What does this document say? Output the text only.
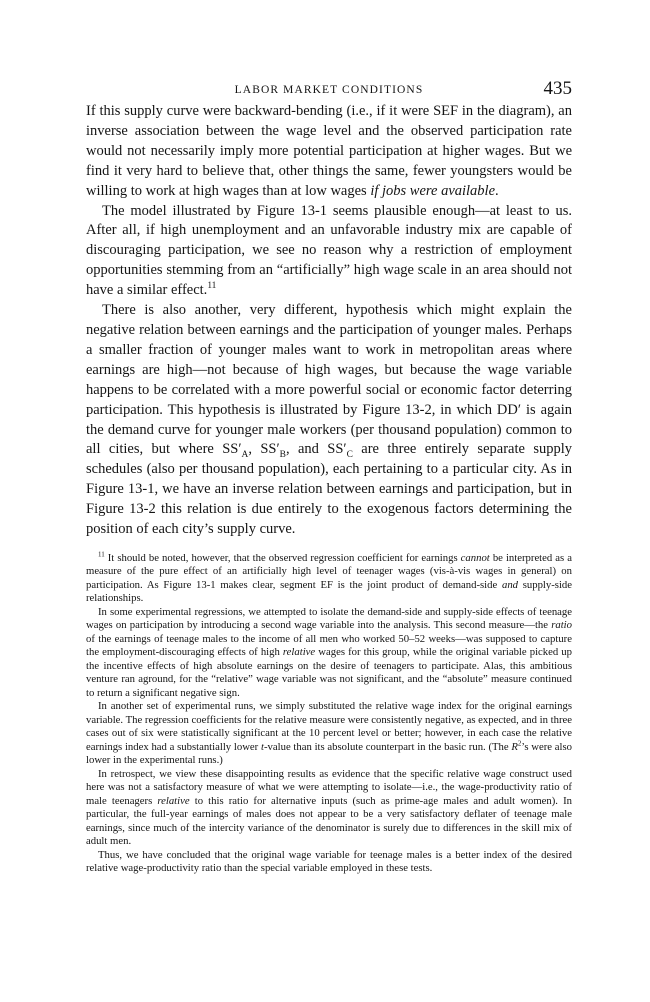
LABOR MARKET CONDITIONS	435

If this supply curve were backward-bending (i.e., if it were SEF in the diagram), an inverse association between the wage level and the observed participation rate would not necessarily imply more potential participation at higher wages. But we find it very hard to believe that, other things the same, fewer youngsters would be willing to work at high wages than at low wages if jobs were available.

The model illustrated by Figure 13-1 seems plausible enough—at least to us. After all, if high unemployment and an unfavorable industry mix are capable of discouraging participation, we see no reason why a restriction of employment opportunities stemming from an “artificially” high wage scale in an area should not have a similar effect.$^{11}$

There is also another, very different, hypothesis which might explain the negative relation between earnings and the participation of younger males. Perhaps a smaller fraction of younger males want to work in metropolitan areas where earnings are high—not because of high wages, but because the wage variable happens to be correlated with a more powerful social or economic factor deterring participation. This hypothesis is illustrated by Figure 13-2, in which DD′ is again the demand curve for younger male workers (per thousand population) common to all cities, but where $SS'_A$, $SS'_B$, and $SS'_C$ are three entirely separate supply schedules (also per thousand population), each pertaining to a particular city. As in Figure 13-1, we have an inverse relation between earnings and participation, but in Figure 13-2 this relation is due entirely to the exogenous factors determining the position of each city’s supply curve.

$^{11}$ It should be noted, however, that the observed regression coefficient for earnings cannot be interpreted as a measure of the pure effect of an artificially high level of teenager wages (vis-à-vis wages in general) on participation. As Figure 13-1 makes clear, segment EF is the joint product of demand-side and supply-side relationships.

In some experimental regressions, we attempted to isolate the demand-side and supply-side effects of teenage wages on participation by introducing a second wage variable into the analysis. This second measure—the ratio of the earnings of teenage males to the income of all men who worked 50–52 weeks—was supposed to capture the employment-discouraging effects of high relative wages for this group, while the original variable picked up the incentive effects of high absolute earnings on the desire of teenagers to participate. Alas, this ambitious venture ran aground, for the “relative” wage variable was not significant, and the “absolute” measure continued to return a significant negative sign.

In another set of experimental runs, we simply substituted the relative wage index for the original earnings variable. The regression coefficients for the relative measure were consistently negative, as expected, and in three cases out of six were statistically significant at the 10 percent level or better; however, in each case the relative earnings index had a substantially lower t-value than its absolute counterpart in the basic run. (The $R^2’s$ were also lower in the experimental runs.)

In retrospect, we view these disappointing results as evidence that the specific relative wage construct used here was not a satisfactory measure of what we were attempting to isolate—i.e., the wage-productivity ratio of male teenagers relative to this ratio for alternative inputs (such as prime-age males and adult women). In particular, the full-year earnings of males does not appear to be a very satisfactory deflater of teenage male earnings, since much of the intercity variance of the denominator is surely due to differences in the skill mix of adult men.

Thus, we have concluded that the original wage variable for teenage males is a better index of the desired relative wage-productivity ratio than the special variable employed in these tests.
